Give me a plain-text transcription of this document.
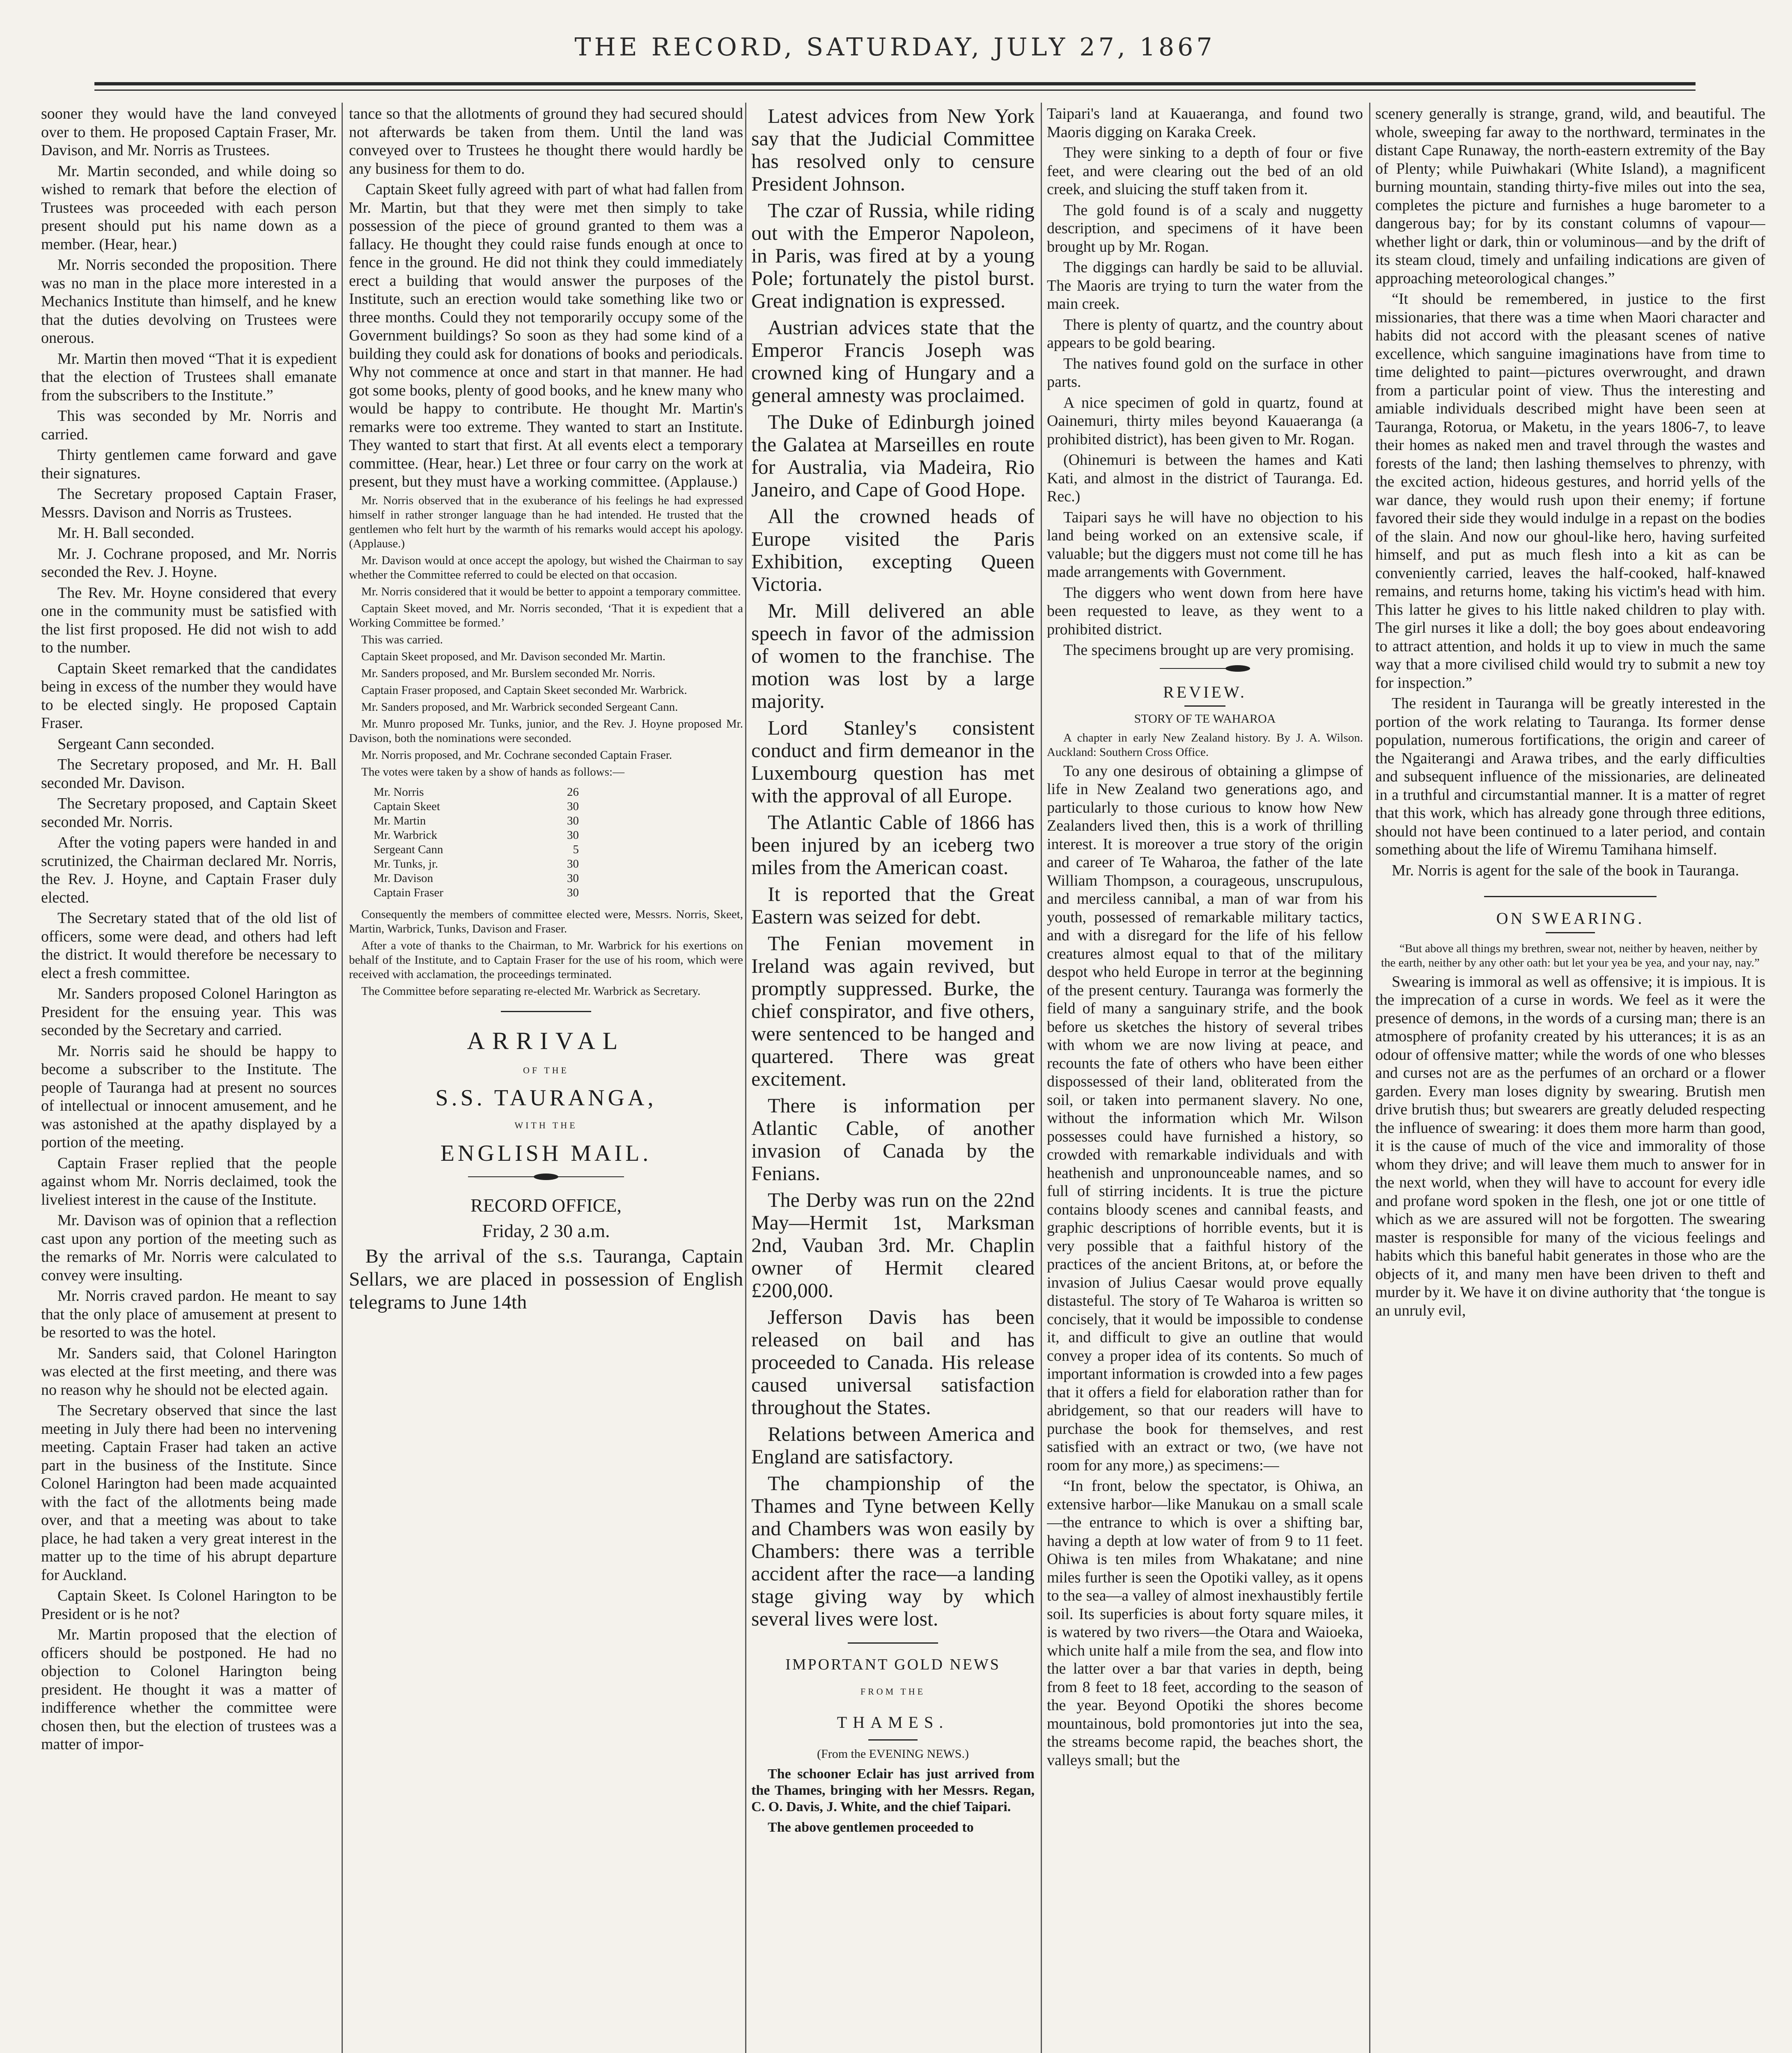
THE RECORD, SATURDAY, JULY 27, 1867

sooner they would have the land conveyed over to them. He proposed Captain Fraser, Mr. Davison, and Mr. Norris as Trustees.

Mr. Martin seconded, and while doing so wished to remark that before the election of Trustees was proceeded with each person present should put his name down as a member. (Hear, hear.)

Mr. Norris seconded the proposition. There was no man in the place more interested in a Mechanics Institute than himself, and he knew that the duties devolving on Trustees were onerous.

Mr. Martin then moved “That it is expedient that the election of Trustees shall emanate from the subscribers to the Institute.”

This was seconded by Mr. Norris and carried.

Thirty gentlemen came forward and gave their signatures.

The Secretary proposed Captain Fraser, Messrs. Davison and Norris as Trustees.

Mr. H. Ball seconded.

Mr. J. Cochrane proposed, and Mr. Norris seconded the Rev. J. Hoyne.

The Rev. Mr. Hoyne considered that every one in the community must be satisfied with the list first proposed. He did not wish to add to the number.

Captain Skeet remarked that the candidates being in excess of the number they would have to be elected singly. He proposed Captain Fraser.

Sergeant Cann seconded.

The Secretary proposed, and Mr. H. Ball seconded Mr. Davison.

The Secretary proposed, and Captain Skeet seconded Mr. Norris.

After the voting papers were handed in and scrutinized, the Chairman declared Mr. Norris, the Rev. J. Hoyne, and Captain Fraser duly elected.

The Secretary stated that of the old list of officers, some were dead, and others had left the district. It would therefore be necessary to elect a fresh committee.

Mr. Sanders proposed Colonel Harington as President for the ensuing year. This was seconded by the Secretary and carried.

Mr. Norris said he should be happy to become a subscriber to the Institute. The people of Tauranga had at present no sources of intellectual or innocent amusement, and he was astonished at the apathy displayed by a portion of the meeting.

Captain Fraser replied that the people against whom Mr. Norris declaimed, took the liveliest interest in the cause of the Institute.

Mr. Davison was of opinion that a reflection cast upon any portion of the meeting such as the remarks of Mr. Norris were calculated to convey were insulting.

Mr. Norris craved pardon. He meant to say that the only place of amusement at present to be resorted to was the hotel.

Mr. Sanders said, that Colonel Harington was elected at the first meeting, and there was no reason why he should not be elected again.

The Secretary observed that since the last meeting in July there had been no intervening meeting. Captain Fraser had taken an active part in the business of the Institute. Since Colonel Harington had been made acquainted with the fact of the allotments being made over, and that a meeting was about to take place, he had taken a very great interest in the matter up to the time of his abrupt departure for Auckland.

Captain Skeet. Is Colonel Harington to be President or is he not?

Mr. Martin proposed that the election of officers should be postponed. He had no objection to Colonel Harington being president. He thought it was a matter of indifference whether the committee were chosen then, but the election of trustees was a matter of impor-

tance so that the allotments of ground they had secured should not afterwards be taken from them. Until the land was conveyed over to Trustees he thought there would hardly be any business for them to do.

Captain Skeet fully agreed with part of what had fallen from Mr. Martin, but that they were met then simply to take possession of the piece of ground granted to them was a fallacy. He thought they could raise funds enough at once to fence in the ground. He did not think they could immediately erect a building that would answer the purposes of the Institute, such an erection would take something like two or three months. Could they not temporarily occupy some of the Government buildings? So soon as they had some kind of a building they could ask for donations of books and periodicals. Why not commence at once and start in that manner. He had got some books, plenty of good books, and he knew many who would be happy to contribute. He thought Mr. Martin's remarks were too extreme. They wanted to start an Institute. They wanted to start that first. At all events elect a temporary committee. (Hear, hear.) Let three or four carry on the work at present, but they must have a working committee. (Applause.)

Mr. Norris observed that in the exuberance of his feelings he had expressed himself in rather stronger language than he had intended. He trusted that the gentlemen who felt hurt by the warmth of his remarks would accept his apology. (Applause.)

Mr. Davison would at once accept the apology, but wished the Chairman to say whether the Committee referred to could be elected on that occasion.

Mr. Norris considered that it would be better to appoint a temporary committee.

Captain Skeet moved, and Mr. Norris seconded, ‘That it is expedient that a Working Committee be formed.’

This was carried.

Captain Skeet proposed, and Mr. Davison seconded Mr. Martin.

Mr. Sanders proposed, and Mr. Burslem seconded Mr. Norris.

Captain Fraser proposed, and Captain Skeet seconded Mr. Warbrick.

Mr. Sanders proposed, and Mr. Warbrick seconded Sergeant Cann.

Mr. Munro proposed Mr. Tunks, junior, and the Rev. J. Hoyne proposed Mr. Davison, both the nominations were seconded.

Mr. Norris proposed, and Mr. Cochrane seconded Captain Fraser.

The votes were taken by a show of hands as follows:—

Mr. Norris	26
Captain Skeet	30
Mr. Martin	30
Mr. Warbrick	30
Sergeant Cann	5
Mr. Tunks, jr.	30
Mr. Davison	30
Captain Fraser	30

Consequently the members of committee elected were, Messrs. Norris, Skeet, Martin, Warbrick, Tunks, Davison and Fraser.

After a vote of thanks to the Chairman, to Mr. Warbrick for his exertions on behalf of the Institute, and to Captain Fraser for the use of his room, which were received with acclamation, the proceedings terminated.

The Committee before separating re-elected Mr. Warbrick as Secretary.

ARRIVAL
OF THE
S.S. TAURANGA,
WITH THE
ENGLISH MAIL.

RECORD OFFICE,

Friday, 2 30 a.m.

By the arrival of the s.s. Tauranga, Captain Sellars, we are placed in possession of English telegrams to June 14th

Latest advices from New York say that the Judicial Committee has resolved only to censure President Johnson.

The czar of Russia, while riding out with the Emperor Napoleon, in Paris, was fired at by a young Pole; fortunately the pistol burst. Great indignation is expressed.

Austrian advices state that the Emperor Francis Joseph was crowned king of Hungary and a general amnesty was proclaimed.

The Duke of Edinburgh joined the Galatea at Marseilles en route for Australia, via Madeira, Rio Janeiro, and Cape of Good Hope.

All the crowned heads of Europe visited the Paris Exhibition, excepting Queen Victoria.

Mr. Mill delivered an able speech in favor of the admission of women to the franchise. The motion was lost by a large majority.

Lord Stanley's consistent conduct and firm demeanor in the Luxembourg question has met with the approval of all Europe.

The Atlantic Cable of 1866 has been injured by an iceberg two miles from the American coast.

It is reported that the Great Eastern was seized for debt.

The Fenian movement in Ireland was again revived, but promptly suppressed. Burke, the chief conspirator, and five others, were sentenced to be hanged and quartered. There was great excitement.

There is information per Atlantic Cable, of another invasion of Canada by the Fenians.

The Derby was run on the 22nd May—Hermit 1st, Marksman 2nd, Vauban 3rd. Mr. Chaplin owner of Hermit cleared £200,000.

Jefferson Davis has been released on bail and has proceeded to Canada. His release caused universal satisfaction throughout the States.

Relations between America and England are satisfactory.

The championship of the Thames and Tyne between Kelly and Chambers was won easily by Chambers: there was a terrible accident after the race—a landing stage giving way by which several lives were lost.

IMPORTANT GOLD NEWS
FROM THE
THAMES.

(From the EVENING NEWS.)

The schooner Eclair has just arrived from the Thames, bringing with her Messrs. Regan, C. O. Davis, J. White, and the chief Taipari.

The above gentlemen proceeded to

Taipari's land at Kauaeranga, and found two Maoris digging on Karaka Creek.

They were sinking to a depth of four or five feet, and were clearing out the bed of an old creek, and sluicing the stuff taken from it.

The gold found is of a scaly and nuggetty description, and specimens of it have been brought up by Mr. Rogan.

The diggings can hardly be said to be alluvial. The Maoris are trying to turn the water from the main creek.

There is plenty of quartz, and the country about appears to be gold bearing.

The natives found gold on the surface in other parts.

A nice specimen of gold in quartz, found at Oainemuri, thirty miles beyond Kauaeranga (a prohibited district), has been given to Mr. Rogan.

(Ohinemuri is between the hames and Kati Kati, and almost in the district of Tauranga. Ed. Rec.)

Taipari says he will have no objection to his land being worked on an extensive scale, if valuable; but the diggers must not come till he has made arrangements with Government.

The diggers who went down from here have been requested to leave, as they went to a prohibited district.

The specimens brought up are very promising.

REVIEW.

STORY OF TE WAHAROA

A chapter in early New Zealand history. By J. A. Wilson. Auckland: Southern Cross Office.

To any one desirous of obtaining a glimpse of life in New Zealand two generations ago, and particularly to those curious to know how New Zealanders lived then, this is a work of thrilling interest. It is moreover a true story of the origin and career of Te Waharoa, the father of the late William Thompson, a courageous, unscrupulous, and merciless cannibal, a man of war from his youth, possessed of remarkable military tactics, and with a disregard for the life of his fellow creatures almost equal to that of the military despot who held Europe in terror at the beginning of the present century. Tauranga was formerly the field of many a sanguinary strife, and the book before us sketches the history of several tribes with whom we are now living at peace, and recounts the fate of others who have been either dispossessed of their land, obliterated from the soil, or taken into permanent slavery. No one, without the information which Mr. Wilson possesses could have furnished a history, so crowded with remarkable individuals and with heathenish and unpronounceable names, and so full of stirring incidents. It is true the picture contains bloody scenes and cannibal feasts, and graphic descriptions of horrible events, but it is very possible that a faithful history of the practices of the ancient Britons, at, or before the invasion of Julius Caesar would prove equally distasteful. The story of Te Waharoa is written so concisely, that it would be impossible to condense it, and difficult to give an outline that would convey a proper idea of its contents. So much of important information is crowded into a few pages that it offers a field for elaboration rather than for abridgement, so that our readers will have to purchase the book for themselves, and rest satisfied with an extract or two, (we have not room for any more,) as specimens:—

“In front, below the spectator, is Ohiwa, an extensive harbor—like Manukau on a small scale—the entrance to which is over a shifting bar, having a depth at low water of from 9 to 11 feet. Ohiwa is ten miles from Whakatane; and nine miles further is seen the Opotiki valley, as it opens to the sea—a valley of almost inexhaustibly fertile soil. Its superficies is about forty square miles, it is watered by two rivers—the Otara and Waioeka, which unite half a mile from the sea, and flow into the latter over a bar that varies in depth, being from 8 feet to 18 feet, according to the season of the year. Beyond Opotiki the shores become mountainous, bold promontories jut into the sea, the streams become rapid, the beaches short, the valleys small; but the

scenery generally is strange, grand, wild, and beautiful. The whole, sweeping far away to the northward, terminates in the distant Cape Runaway, the north-eastern extremity of the Bay of Plenty; while Puiwhakari (White Island), a magnificent burning mountain, standing thirty-five miles out into the sea, completes the picture and furnishes a huge barometer to a dangerous bay; for by its constant columns of vapour—whether light or dark, thin or voluminous—and by the drift of its steam cloud, timely and unfailing indications are given of approaching meteorological changes.”

“It should be remembered, in justice to the first missionaries, that there was a time when Maori character and habits did not accord with the pleasant scenes of native excellence, which sanguine imaginations have from time to time delighted to paint—pictures overwrought, and drawn from a particular point of view. Thus the interesting and amiable individuals described might have been seen at Tauranga, Rotorua, or Maketu, in the years 1806-7, to leave their homes as naked men and travel through the wastes and forests of the land; then lashing themselves to phrenzy, with the excited action, hideous gestures, and horrid yells of the war dance, they would rush upon their enemy; if fortune favored their side they would indulge in a repast on the bodies of the slain. And now our ghoul-like hero, having surfeited himself, and put as much flesh into a kit as can be conveniently carried, leaves the half-cooked, half-knawed remains, and returns home, taking his victim's head with him. This latter he gives to his little naked children to play with. The girl nurses it like a doll; the boy goes about endeavoring to attract attention, and holds it up to view in much the same way that a more civilised child would try to submit a new toy for inspection.”

The resident in Tauranga will be greatly interested in the portion of the work relating to Tauranga. Its former dense population, numerous fortifications, the origin and career of the Ngaiterangi and Arawa tribes, and the early difficulties and subsequent influence of the missionaries, are delineated in a truthful and circumstantial manner. It is a matter of regret that this work, which has already gone through three editions, should not have been continued to a later period, and contain something about the life of Wiremu Tamihana himself.

Mr. Norris is agent for the sale of the book in Tauranga.

ON SWEARING.

“But above all things my brethren, swear not, neither by heaven, neither by the earth, neither by any other oath: but let your yea be yea, and your nay, nay.”

Swearing is immoral as well as offensive; it is impious. It is the imprecation of a curse in words. We feel as it were the presence of demons, in the words of a cursing man; there is an atmosphere of profanity created by his utterances; it is as an odour of offensive matter; while the words of one who blesses and curses not are as the perfumes of an orchard or a flower garden. Every man loses dignity by swearing. Brutish men drive brutish thus; but swearers are greatly deluded respecting the influence of swearing: it does them more harm than good, it is the cause of much of the vice and immorality of those whom they drive; and will leave them much to answer for in the next world, when they will have to account for every idle and profane word spoken in the flesh, one jot or one tittle of which as we are assured will not be forgotten. The swearing master is responsible for many of the vicious feelings and habits which this baneful habit generates in those who are the objects of it, and many men have been driven to theft and murder by it. We have it on divine authority that ‘the tongue is an unruly evil,
